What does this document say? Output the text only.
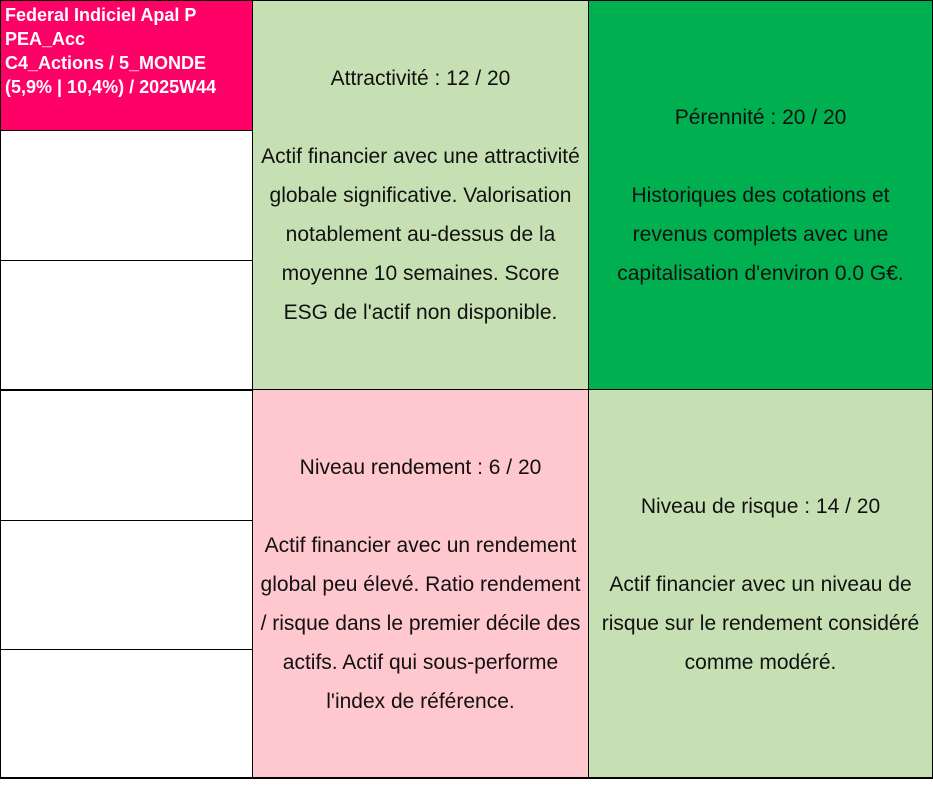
Federal Indiciel Apal P
PEA_Acc
C4_Actions / 5_MONDE
(5,9% | 10,4%) / 2025W44	Attractivité : 12 / 20
Actif financier avec une attractivité globale significative. Valorisation notablement au-dessus de la moyenne 10 semaines. Score ESG de l'actif non disponible.
Pérennité : 20 / 20
Historiques des cotations et revenus complets avec une capitalisation d'environ 0.0 G€.
Niveau rendement : 6 / 20
Actif financier avec un rendement global peu élevé. Ratio rendement / risque dans le premier décile des actifs. Actif qui sous-performe l'index de référence.
Niveau de risque : 14 / 20
Actif financier avec un niveau de risque sur le rendement considéré comme modéré.
